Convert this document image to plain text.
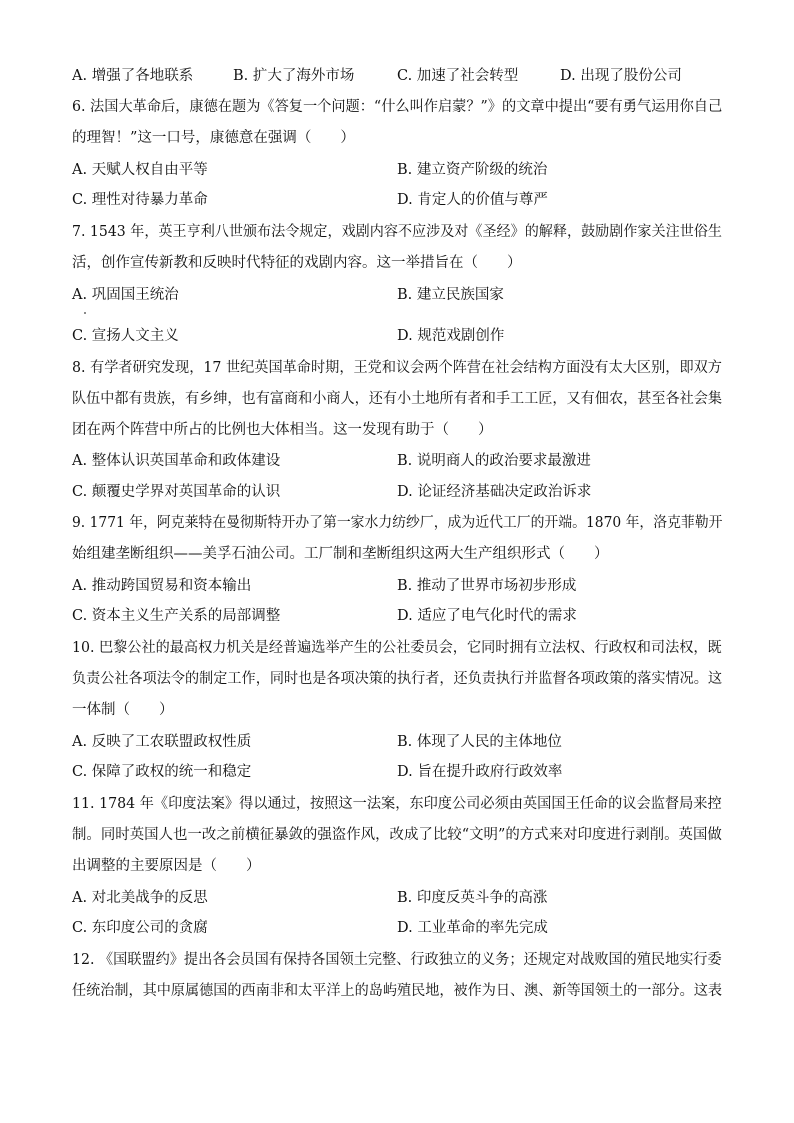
A. 增强了各地联系	B. 扩大了海外市场	C. 加速了社会转型	D. 出现了股份公司
6. 法国大革命后，康德在题为《答复一个问题：“什么叫作启蒙？”》的文章中提出“要有勇气运用你自己
的理智！”这一口号，康德意在强调（　　）
A. 天赋人权自由平等	B. 建立资产阶级的统治
C. 理性对待暴力革命	D. 肯定人的价值与尊严
7. 1543 年，英王亨利八世颁布法令规定，戏剧内容不应涉及对《圣经》的解释，鼓励剧作家关注世俗生
活，创作宣传新教和反映时代特征的戏剧内容。这一举措旨在（　　）
A. 巩固国王统治	B. 建立民族国家
C. 宣扬人文主义	D. 规范戏剧创作
8. 有学者研究发现，17 世纪英国革命时期，王党和议会两个阵营在社会结构方面没有太大区别，即双方
队伍中都有贵族，有乡绅，也有富商和小商人，还有小土地所有者和手工工匠，又有佃农，甚至各社会集
团在两个阵营中所占的比例也大体相当。这一发现有助于（　　）
A. 整体认识英国革命和政体建设	B. 说明商人的政治要求最激进
C. 颠覆史学界对英国革命的认识	D. 论证经济基础决定政治诉求
9. 1771 年，阿克莱特在曼彻斯特开办了第一家水力纺纱厂，成为近代工厂的开端。1870 年，洛克菲勒开
始组建垄断组织——美孚石油公司。工厂制和垄断组织这两大生产组织形式（　　）
A. 推动跨国贸易和资本输出	B. 推动了世界市场初步形成
C. 资本主义生产关系的局部调整	D. 适应了电气化时代的需求
10. 巴黎公社的最高权力机关是经普遍选举产生的公社委员会，它同时拥有立法权、行政权和司法权，既
负责公社各项法令的制定工作，同时也是各项决策的执行者，还负责执行并监督各项政策的落实情况。这
一体制（　　）
A. 反映了工农联盟政权性质	B. 体现了人民的主体地位
C. 保障了政权的统一和稳定	D. 旨在提升政府行政效率
11. 1784 年《印度法案》得以通过，按照这一法案，东印度公司必须由英国国王任命的议会监督局来控
制。同时英国人也一改之前横征暴敛的强盗作风，改成了比较“文明”的方式来对印度进行剥削。英国做
出调整的主要原因是（　　）
A. 对北美战争的反思	B. 印度反英斗争的高涨
C. 东印度公司的贪腐	D. 工业革命的率先完成
12. 《国联盟约》提出各会员国有保持各国领土完整、行政独立的义务；还规定对战败国的殖民地实行委
任统治制，其中原属德国的西南非和太平洋上的岛屿殖民地，被作为日、澳、新等国领土的一部分。这表
